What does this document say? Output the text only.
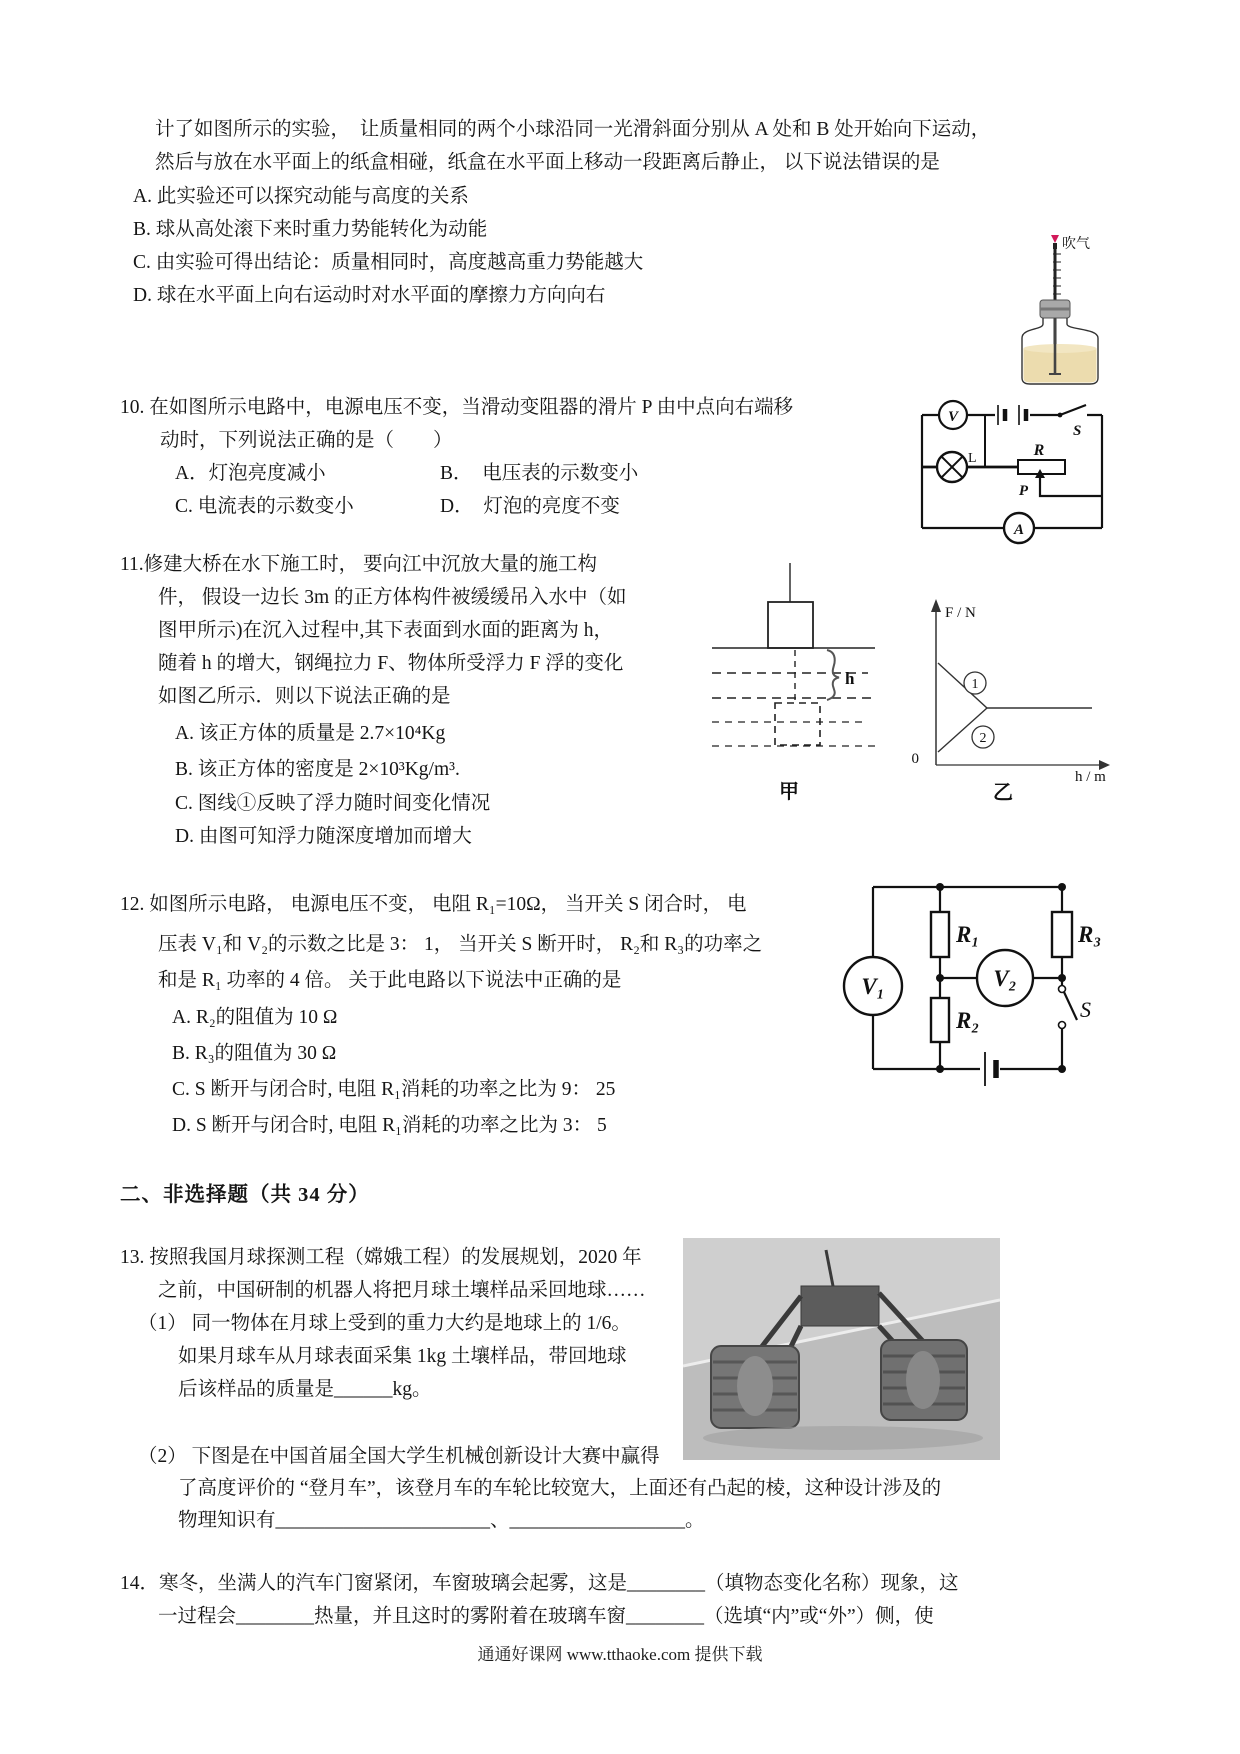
计了如图所示的实验，　让质量相同的两个小球沿同一光滑斜面分别从 A 处和 B 处开始向下运动，
然后与放在水平面上的纸盒相碰，纸盒在水平面上移动一段距离后静止， 以下说法错误的是
A. 此实验还可以探究动能与高度的关系
B. 球从高处滚下来时重力势能转化为动能
C. 由实验可得出结论：质量相同时，高度越高重力势能越大
D. 球在水平面上向右运动时对水平面的摩擦力方向向右
吹气
10. 在如图所示电路中，电源电压不变，当滑动变阻器的滑片 P 由中点向右端移
动时，下列说法正确的是（　　）
A．灯泡亮度减小	B．　电压表的示数变小
C. 电流表的示数变小	D．　灯泡的亮度不变
S
V
L	R
P
A
11.修建大桥在水下施工时， 要向江中沉放大量的施工构
件， 假设一边长 3m 的正方体构件被缓缓吊入水中（如
图甲所示)在沉入过程中,其下表面到水面的距离为 h，
随着 h 的增大，钢绳拉力 F、物体所受浮力 F 浮的变化
如图乙所示．则以下说法正确的是
A. 该正方体的质量是 2.7×10⁴Kg
B. 该正方体的密度是 2×10³Kg/m³.
C. 图线①反映了浮力随时间变化情况
D. 由图可知浮力随深度增加而增大
h
甲
F / N
0
h / m
1
2
乙
12. 如图所示电路， 电源电压不变， 电阻 R₁=10Ω， 当开关 S 闭合时， 电
压表 V₁和 V₂的示数之比是 3： 1， 当开关 S 断开时， R₂和 R₃的功率之
和是 R₁ 功率的 4 倍。 关于此电路以下说法中正确的是
A. R₂的阻值为 10 Ω
B. R₃的阻值为 30 Ω
C. S 断开与闭合时, 电阻 R₁消耗的功率之比为 9： 25
D. S 断开与闭合时, 电阻 R₁消耗的功率之比为 3： 5
V₁
R₁
R₂
V₂
R₃
S
二、非选择题（共 34 分）
13. 按照我国月球探测工程（嫦娥工程）的发展规划，2020 年
之前，中国研制的机器人将把月球土壤样品采回地球……
（1） 同一物体在月球上受到的重力大约是地球上的 1/6。
如果月球车从月球表面采集 1kg 土壤样品，带回地球
后该样品的质量是______kg。
（2） 下图是在中国首届全国大学生机械创新设计大赛中赢得
了高度评价的 “登月车”，该登月车的车轮比较宽大，上面还有凸起的棱，这种设计涉及的
物理知识有______________________、__________________。
14．寒冬，坐满人的汽车门窗紧闭，车窗玻璃会起雾，这是________（填物态变化名称）现象，这
一过程会________热量，并且这时的雾附着在玻璃车窗________（选填“内”或“外”）侧，使
通通好课网 www.tthaoke.com 提供下载
